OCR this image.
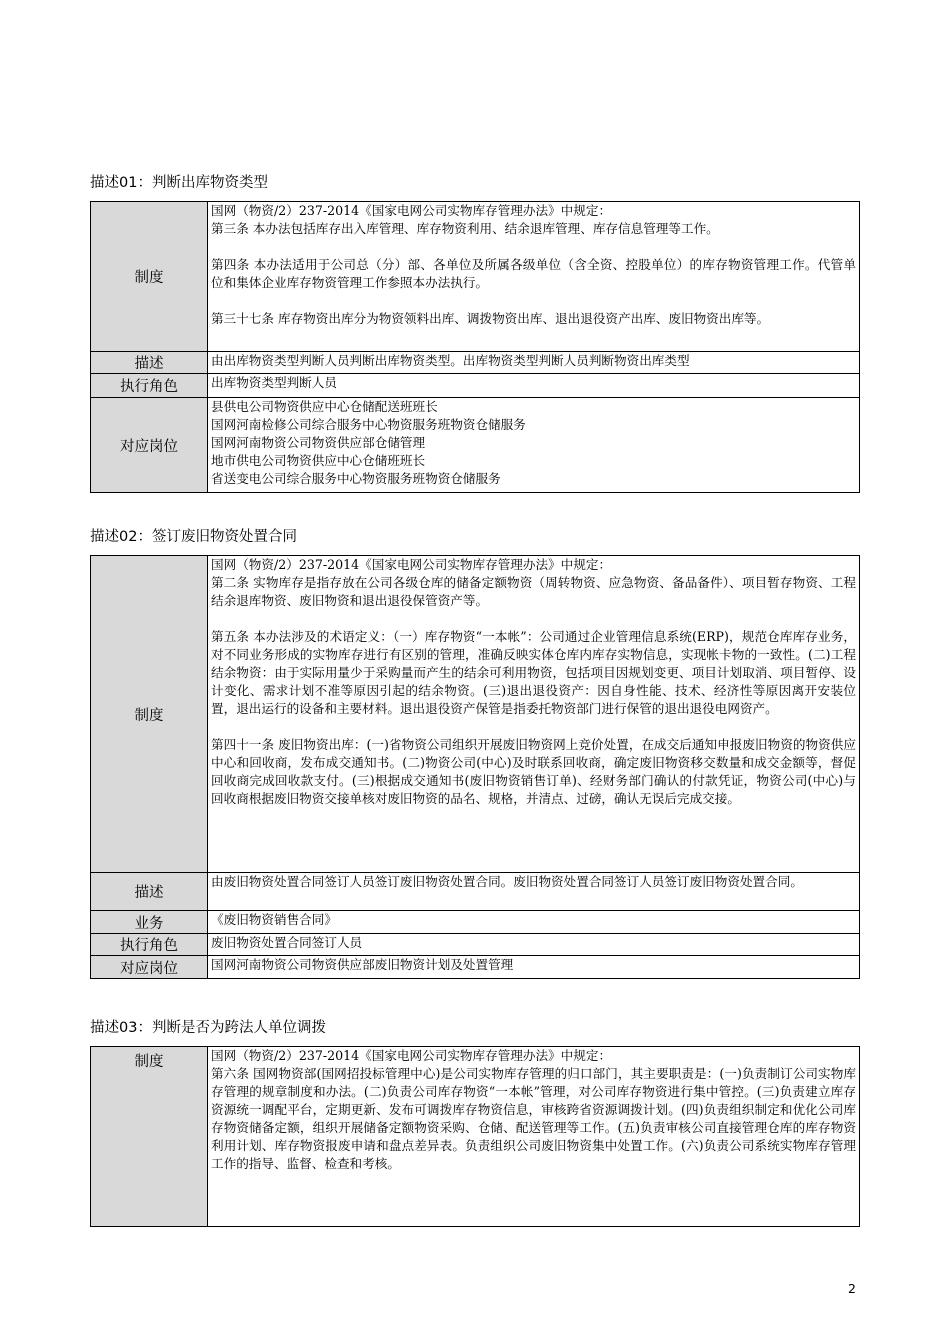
描述01：判断出库物资类型
制度	国网（物资/2）237-2014《国家电网公司实物库存管理办法》中规定：

第三条 本办法包括库存出入库管理、库存物资利用、结余退库管理、库存信息管理等工作。

第四条 本办法适用于公司总（分）部、各单位及所属各级单位（含全资、控股单位）的库存物资管理工作。代管单位和集体企业库存物资管理工作参照本办法执行。

第三十七条 库存物资出库分为物资领料出库、调拨物资出库、退出退役资产出库、废旧物资出库等。

描述	由出库物资类型判断人员判断出库物资类型。出库物资类型判断人员判断物资出库类型
执行角色	出库物资类型判断人员
对应岗位	县供电公司物资供应中心仓储配送班班长

国网河南检修公司综合服务中心物资服务班物资仓储服务

国网河南物资公司物资供应部仓储管理

地市供电公司物资供应中心仓储班班长

省送变电公司综合服务中心物资服务班物资仓储服务

描述02：签订废旧物资处置合同
制度	国网（物资/2）237-2014《国家电网公司实物库存管理办法》中规定：

第二条 实物库存是指存放在公司各级仓库的储备定额物资（周转物资、应急物资、备品备件）、项目暂存物资、工程结余退库物资、废旧物资和退出退役保管资产等。

第五条 本办法涉及的术语定义：（一）库存物资“一本帐”：公司通过企业管理信息系统(ERP)，规范仓库库存业务，对不同业务形成的实物库存进行有区别的管理，准确反映实体仓库内库存实物信息，实现帐卡物的一致性。(二)工程结余物资：由于实际用量少于采购量而产生的结余可利用物资，包括项目因规划变更、项目计划取消、项目暂停、设计变化、需求计划不准等原因引起的结余物资。(三)退出退役资产：因自身性能、技术、经济性等原因离开安装位置，退出运行的设备和主要材料。退出退役资产保管是指委托物资部门进行保管的退出退役电网资产。

第四十一条 废旧物资出库：(一)省物资公司组织开展废旧物资网上竞价处置，在成交后通知申报废旧物资的物资供应中心和回收商，发布成交通知书。(二)物资公司(中心)及时联系回收商，确定废旧物资移交数量和成交金额等，督促回收商完成回收款支付。(三)根据成交通知书(废旧物资销售订单)、经财务部门确认的付款凭证，物资公司(中心)与回收商根据废旧物资交接单核对废旧物资的品名、规格，并清点、过磅，确认无误后完成交接。

描述	由废旧物资处置合同签订人员签订废旧物资处置合同。废旧物资处置合同签订人员签订废旧物资处置合同。
业务	《废旧物资销售合同》
执行角色	废旧物资处置合同签订人员
对应岗位	国网河南物资公司物资供应部废旧物资计划及处置管理

描述03：判断是否为跨法人单位调拨
制度	国网（物资/2）237-2014《国家电网公司实物库存管理办法》中规定：

第六条 国网物资部(国网招投标管理中心)是公司实物库存管理的归口部门，其主要职责是：(一)负责制订公司实物库存管理的规章制度和办法。(二)负责公司库存物资“一本帐”管理，对公司库存物资进行集中管控。(三)负责建立库存资源统一调配平台，定期更新、发布可调拨库存物资信息，审核跨省资源调拨计划。(四)负责组织制定和优化公司库存物资储备定额，组织开展储备定额物资采购、仓储、配送管理等工作。(五)负责审核公司直接管理仓库的库存物资利用计划、库存物资报废申请和盘点差异表。负责组织公司废旧物资集中处置工作。(六)负责公司系统实物库存管理工作的指导、监督、检查和考核。

2
